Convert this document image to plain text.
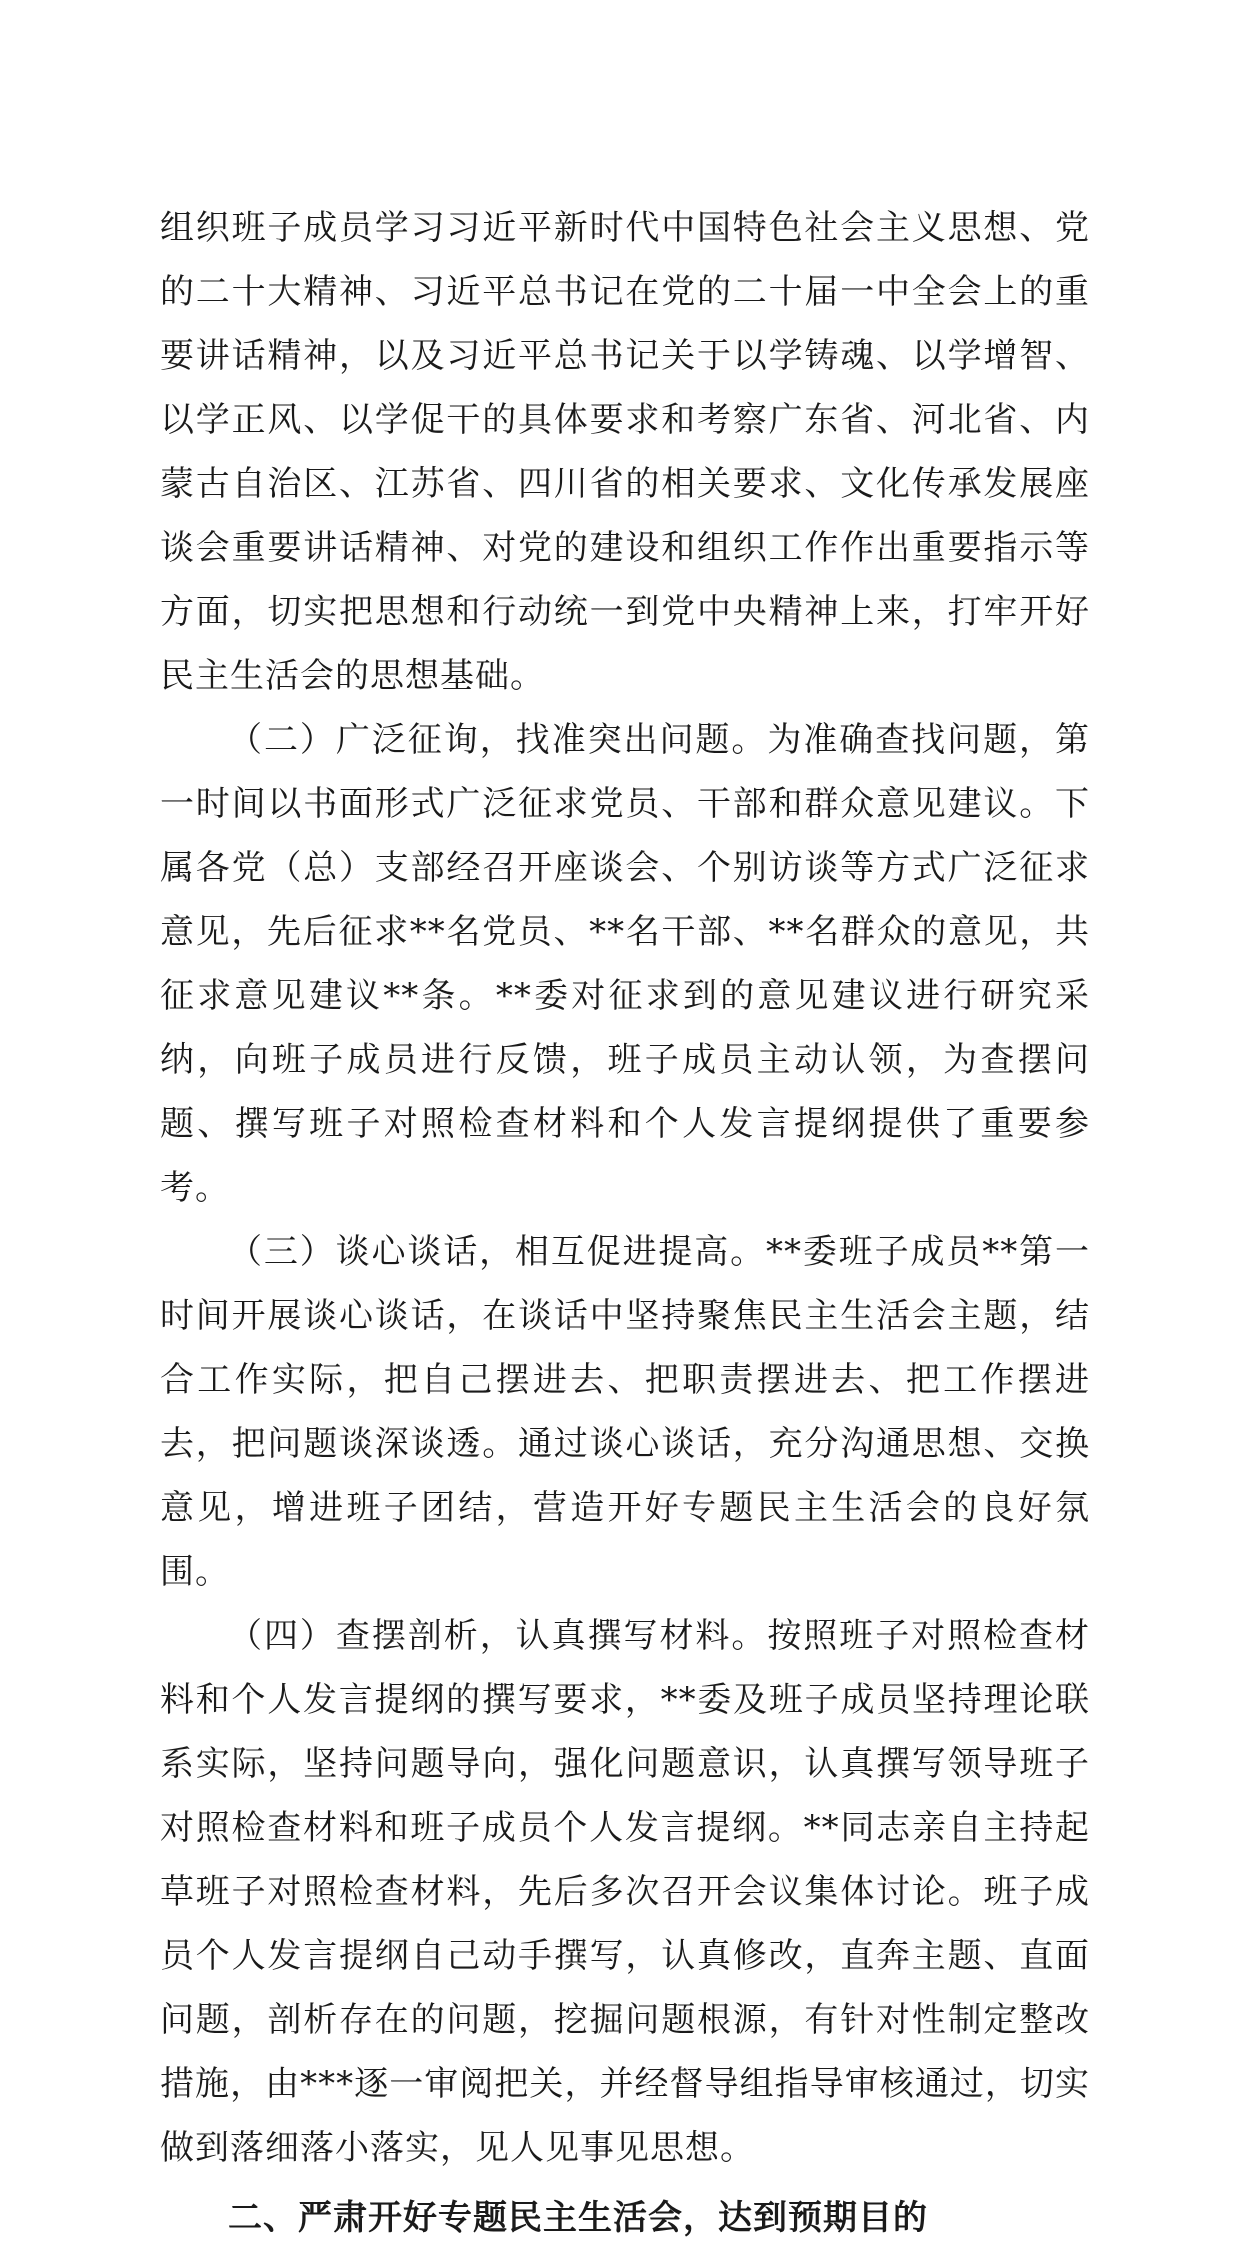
组织班子成员学习习近平新时代中国特色社会主义思想、党的二十大精神、习近平总书记在党的二十届一中全会上的重要讲话精神，以及习近平总书记关于以学铸魂、以学增智、以学正风、以学促干的具体要求和考察广东省、河北省、内蒙古自治区、江苏省、四川省的相关要求、文化传承发展座谈会重要讲话精神、对党的建设和组织工作作出重要指示等方面，切实把思想和行动统一到党中央精神上来，打牢开好民主生活会的思想基础。

（二）广泛征询，找准突出问题。为准确查找问题，第一时间以书面形式广泛征求党员、干部和群众意见建议。下属各党（总）支部经召开座谈会、个别访谈等方式广泛征求意见，先后征求**名党员、**名干部、**名群众的意见，共征求意见建议**条。**委对征求到的意见建议进行研究采纳，向班子成员进行反馈，班子成员主动认领，为查摆问题、撰写班子对照检查材料和个人发言提纲提供了重要参考。

（三）谈心谈话，相互促进提高。**委班子成员**第一时间开展谈心谈话，在谈话中坚持聚焦民主生活会主题，结合工作实际，把自己摆进去、把职责摆进去、把工作摆进去，把问题谈深谈透。通过谈心谈话，充分沟通思想、交换意见，增进班子团结，营造开好专题民主生活会的良好氛围。

（四）查摆剖析，认真撰写材料。按照班子对照检查材料和个人发言提纲的撰写要求，**委及班子成员坚持理论联系实际，坚持问题导向，强化问题意识，认真撰写领导班子对照检查材料和班子成员个人发言提纲。**同志亲自主持起草班子对照检查材料，先后多次召开会议集体讨论。班子成员个人发言提纲自己动手撰写，认真修改，直奔主题、直面问题，剖析存在的问题，挖掘问题根源，有针对性制定整改措施，由***逐一审阅把关，并经督导组指导审核通过，切实做到落细落小落实，见人见事见思想。

二、严肃开好专题民主生活会，达到预期目的
